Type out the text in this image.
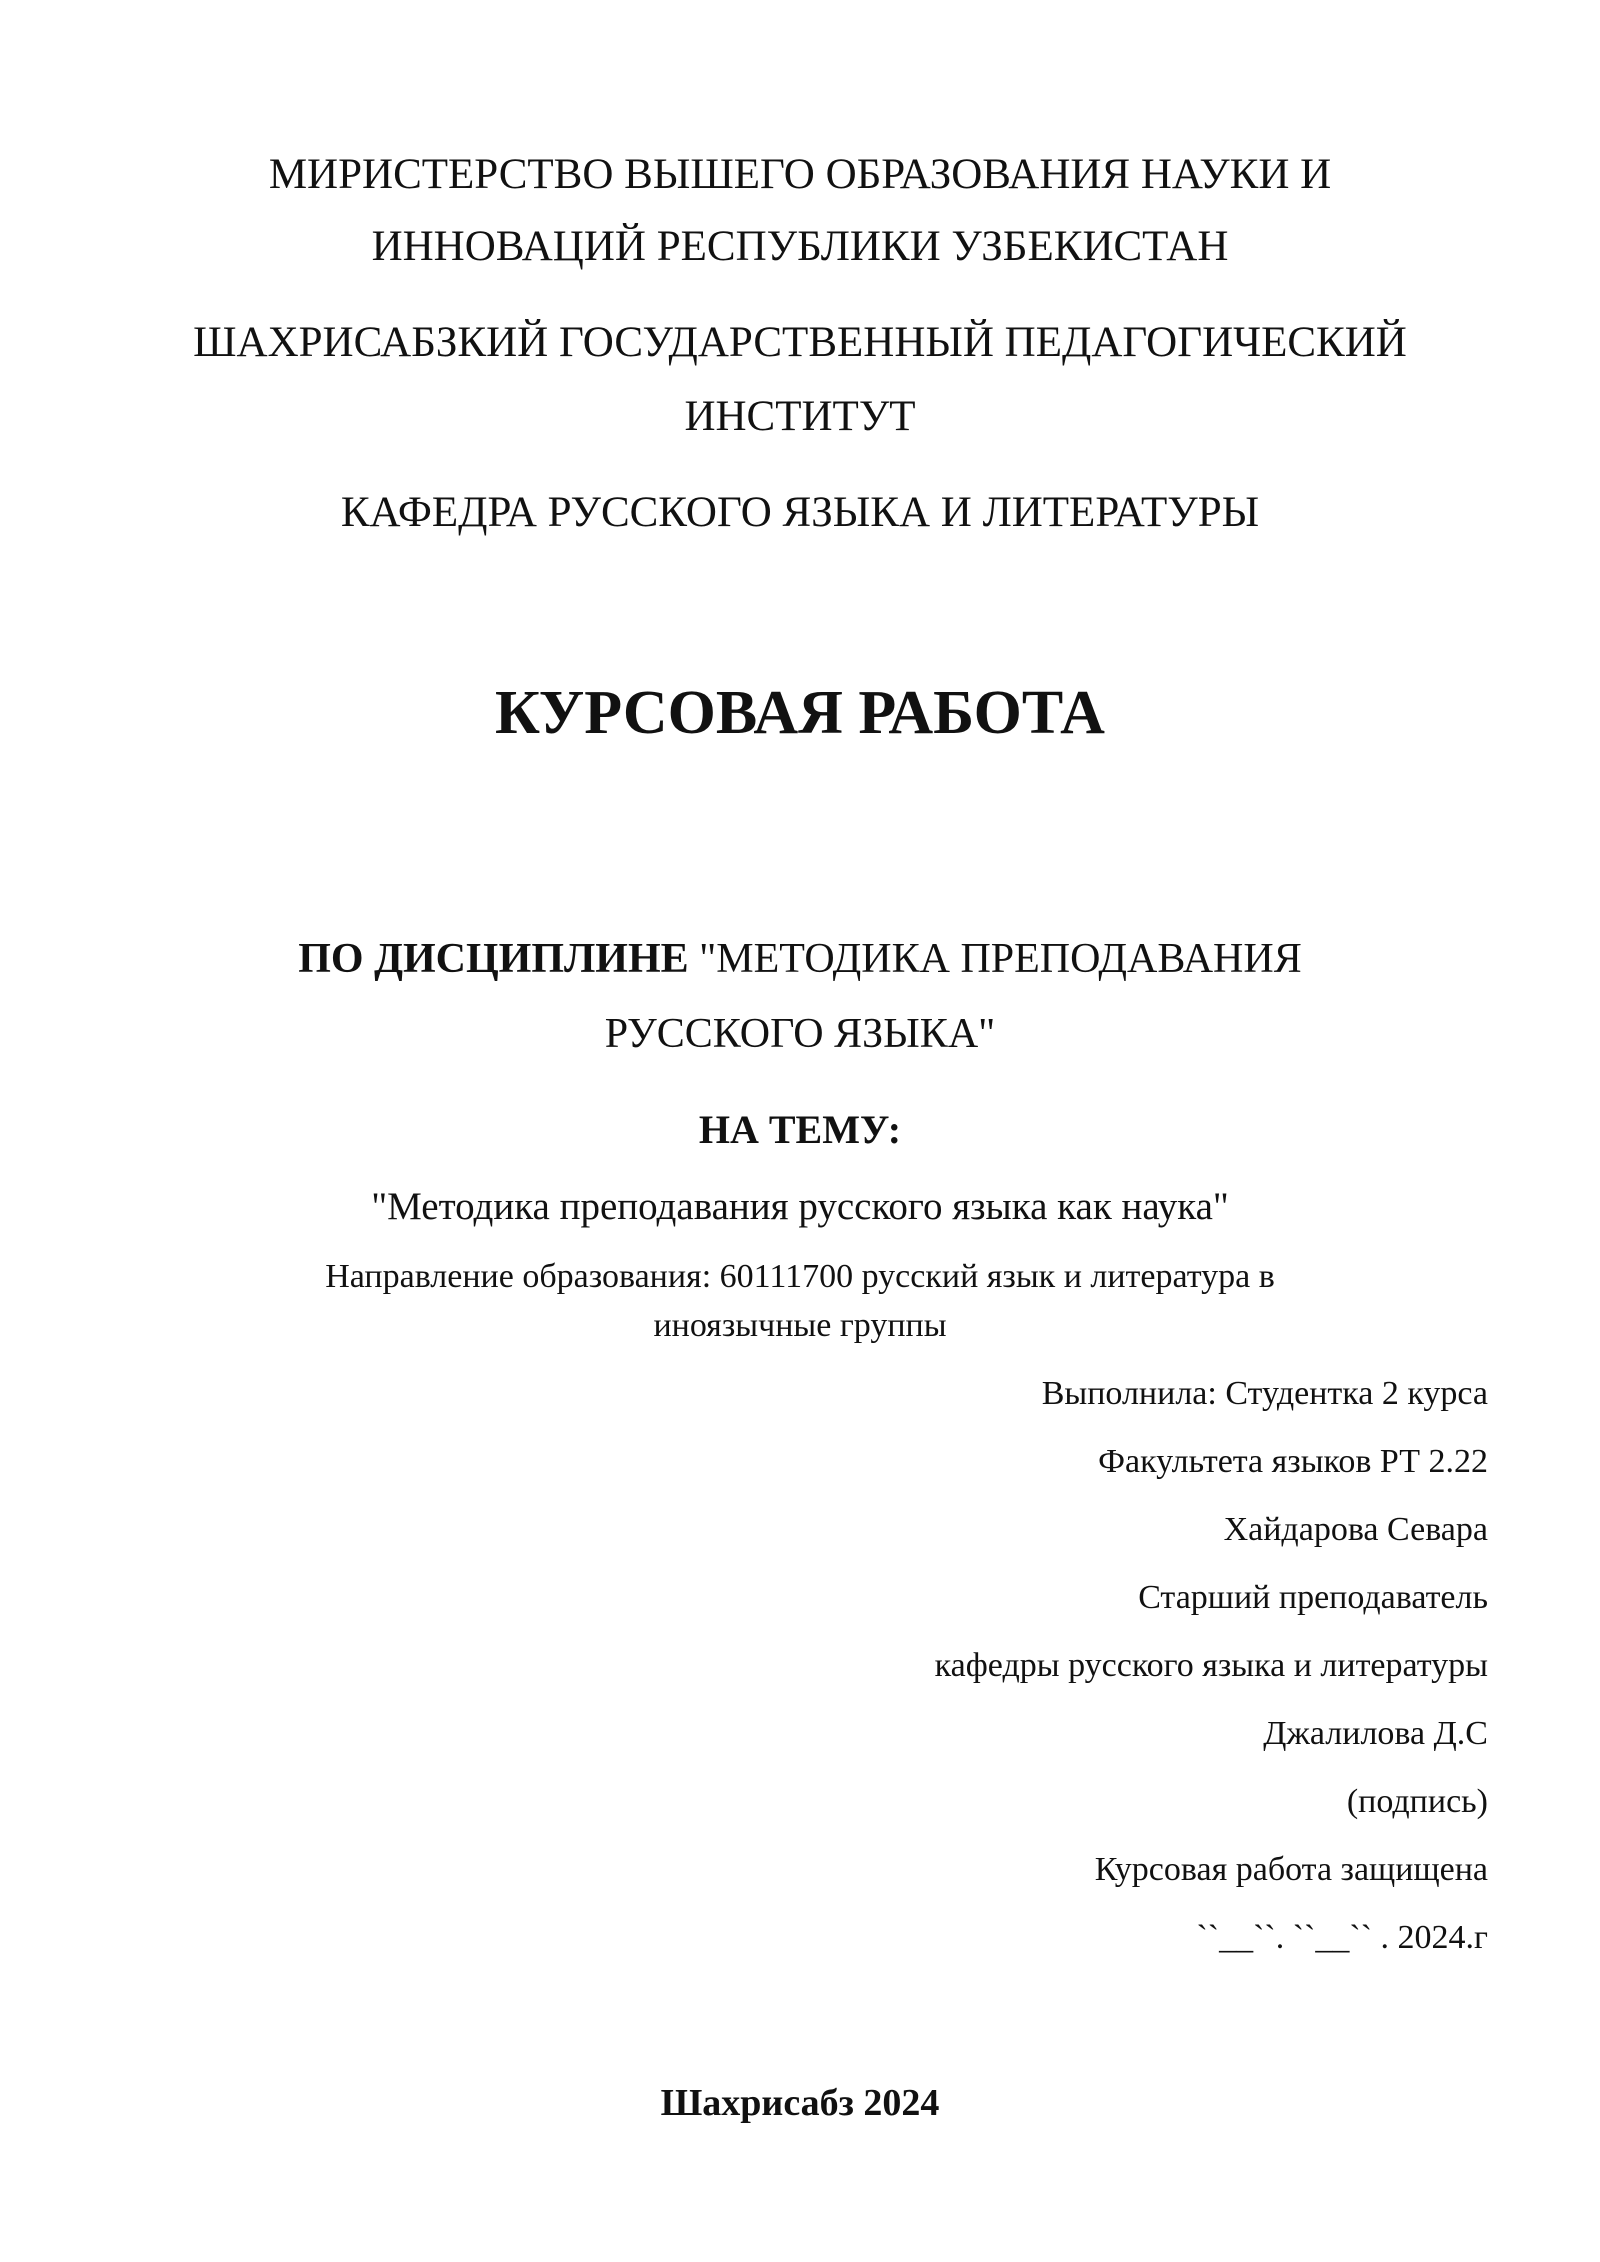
МИРИСТЕРСТВО ВЫШЕГО ОБРАЗОВАНИЯ НАУКИ И
ИННОВАЦИЙ РЕСПУБЛИКИ УЗБЕКИСТАН
ШАХРИСАБЗКИЙ ГОСУДАРСТВЕННЫЙ ПЕДАГОГИЧЕСКИЙ
ИНСТИТУТ
КАФЕДРА РУССКОГО ЯЗЫКА И ЛИТЕРАТУРЫ
КУРСОВАЯ РАБОТА
ПО ДИСЦИПЛИНЕ "МЕТОДИКА ПРЕПОДАВАНИЯ
РУССКОГО ЯЗЫКА"
НА ТЕМУ:
"Методика преподавания русского языка как наука"
Направление образования: 60111700 русский язык и литература в
иноязычные группы
Выполнила: Студентка 2 курса
Факультета языков РТ 2.22
Хайдарова Севара
Старший преподаватель
кафедры русского языка и литературы
Джалилова Д.С
(подпись)
Курсовая работа защищена
``__``. ``__`` . 2024.г
Шахрисабз 2024
